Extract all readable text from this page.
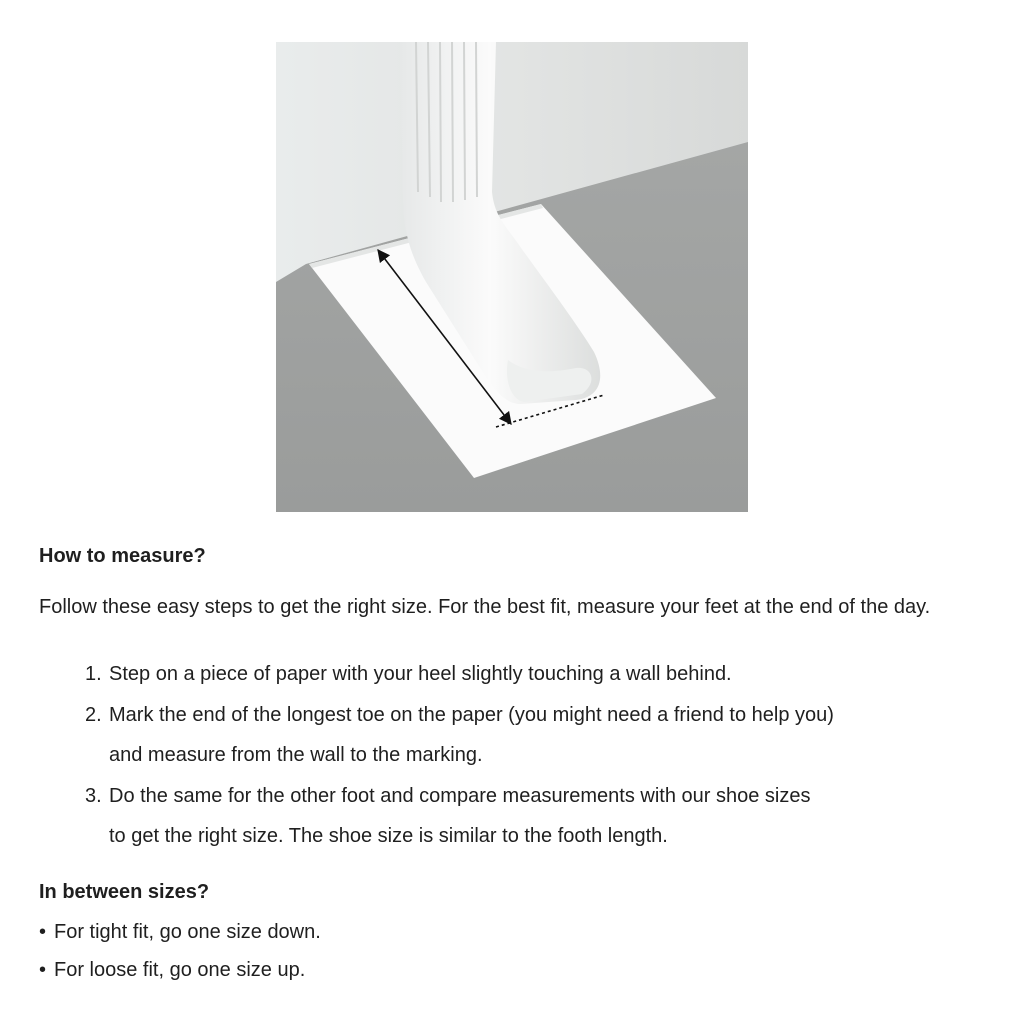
How to measure?

Follow these easy steps to get the right size. For the best fit, measure your feet at the end of the day.

1. Step on a piece of paper with your heel slightly touching a wall behind.
2. Mark the end of the longest toe on the paper (you might need a friend to help you)
and measure from the wall to the marking.
3. Do the same for the other foot and compare measurements with our shoe sizes
to get the right size. The shoe size is similar to the footh length.
In between sizes?
• For tight fit, go one size down.
• For loose fit, go one size up.
